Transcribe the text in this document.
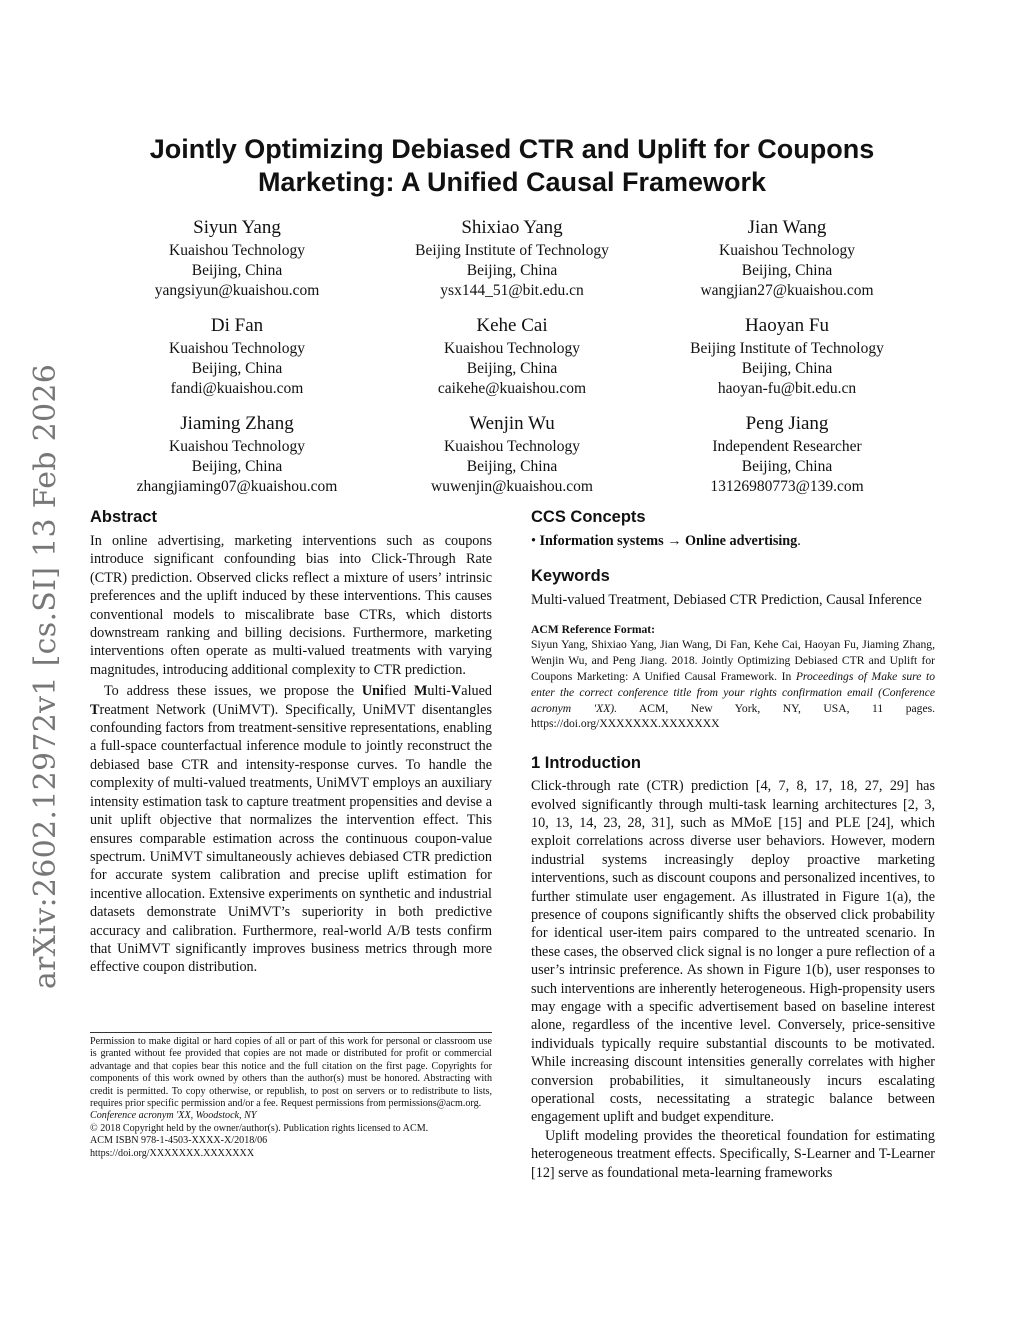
arXiv:2602.12972v1 [cs.SI] 13 Feb 2026
Jointly Optimizing Debiased CTR and Uplift for Coupons
Marketing: A Unified Causal Framework
Siyun Yang
Kuaishou Technology
Beijing, China
yangsiyun@kuaishou.com
Shixiao Yang
Beijing Institute of Technology
Beijing, China
ysx144_51@bit.edu.cn
Jian Wang
Kuaishou Technology
Beijing, China
wangjian27@kuaishou.com
Di Fan
Kuaishou Technology
Beijing, China
fandi@kuaishou.com
Kehe Cai
Kuaishou Technology
Beijing, China
caikehe@kuaishou.com
Haoyan Fu
Beijing Institute of Technology
Beijing, China
haoyan-fu@bit.edu.cn
Jiaming Zhang
Kuaishou Technology
Beijing, China
zhangjiaming07@kuaishou.com
Wenjin Wu
Kuaishou Technology
Beijing, China
wuwenjin@kuaishou.com
Peng Jiang
Independent Researcher
Beijing, China
13126980773@139.com
Abstract

In online advertising, marketing interventions such as coupons introduce significant confounding bias into Click-Through Rate (CTR) prediction. Observed clicks reflect a mixture of users’ intrinsic preferences and the uplift induced by these interventions. This causes conventional models to miscalibrate base CTRs, which distorts downstream ranking and billing decisions. Furthermore, marketing interventions often operate as multi-valued treatments with varying magnitudes, introducing additional complexity to CTR prediction.

To address these issues, we propose the Unified Multi-Valued Treatment Network (UniMVT). Specifically, UniMVT disentangles confounding factors from treatment-sensitive representations, enabling a full-space counterfactual inference module to jointly reconstruct the debiased base CTR and intensity-response curves. To handle the complexity of multi-valued treatments, UniMVT employs an auxiliary intensity estimation task to capture treatment propensities and devise a unit uplift objective that normalizes the intervention effect. This ensures comparable estimation across the continuous coupon-value spectrum. UniMVT simultaneously achieves debiased CTR prediction for accurate system calibration and precise uplift estimation for incentive allocation. Extensive experiments on synthetic and industrial datasets demonstrate UniMVT’s superiority in both predictive accuracy and calibration. Furthermore, real-world A/B tests confirm that UniMVT significantly improves business metrics through more effective coupon distribution.

Permission to make digital or hard copies of all or part of this work for personal or classroom use is granted without fee provided that copies are not made or distributed for profit or commercial advantage and that copies bear this notice and the full citation on the first page. Copyrights for components of this work owned by others than the author(s) must be honored. Abstracting with credit is permitted. To copy otherwise, or republish, to post on servers or to redistribute to lists, requires prior specific permission and/or a fee. Request permissions from permissions@acm.org.

Conference acronym 'XX, Woodstock, NY

© 2018 Copyright held by the owner/author(s). Publication rights licensed to ACM.

ACM ISBN 978-1-4503-XXXX-X/2018/06

https://doi.org/XXXXXXX.XXXXXXX

CCS Concepts

• Information systems → Online advertising.

Keywords

Multi-valued Treatment, Debiased CTR Prediction, Causal Inference

ACM Reference Format:

Siyun Yang, Shixiao Yang, Jian Wang, Di Fan, Kehe Cai, Haoyan Fu, Jiaming Zhang, Wenjin Wu, and Peng Jiang. 2018. Jointly Optimizing Debiased CTR and Uplift for Coupons Marketing: A Unified Causal Framework. In Proceedings of Make sure to enter the correct conference title from your rights confirmation email (Conference acronym 'XX). ACM, New York, NY, USA, 11 pages. https://doi.org/XXXXXXX.XXXXXXX

1 Introduction

Click-through rate (CTR) prediction [4, 7, 8, 17, 18, 27, 29] has evolved significantly through multi-task learning architectures [2, 3, 10, 13, 14, 23, 28, 31], such as MMoE [15] and PLE [24], which exploit correlations across diverse user behaviors. However, modern industrial systems increasingly deploy proactive marketing interventions, such as discount coupons and personalized incentives, to further stimulate user engagement. As illustrated in Figure 1(a), the presence of coupons significantly shifts the observed click probability for identical user-item pairs compared to the untreated scenario. In these cases, the observed click signal is no longer a pure reflection of a user’s intrinsic preference. As shown in Figure 1(b), user responses to such interventions are inherently heterogeneous. High-propensity users may engage with a specific advertisement based on baseline interest alone, regardless of the incentive level. Conversely, price-sensitive individuals typically require substantial discounts to be motivated. While increasing discount intensities generally correlates with higher conversion probabilities, it simultaneously incurs escalating operational costs, necessitating a strategic balance between engagement uplift and budget expenditure.

Uplift modeling provides the theoretical foundation for estimating heterogeneous treatment effects. Specifically, S-Learner and T-Learner [12] serve as foundational meta-learning frameworks
